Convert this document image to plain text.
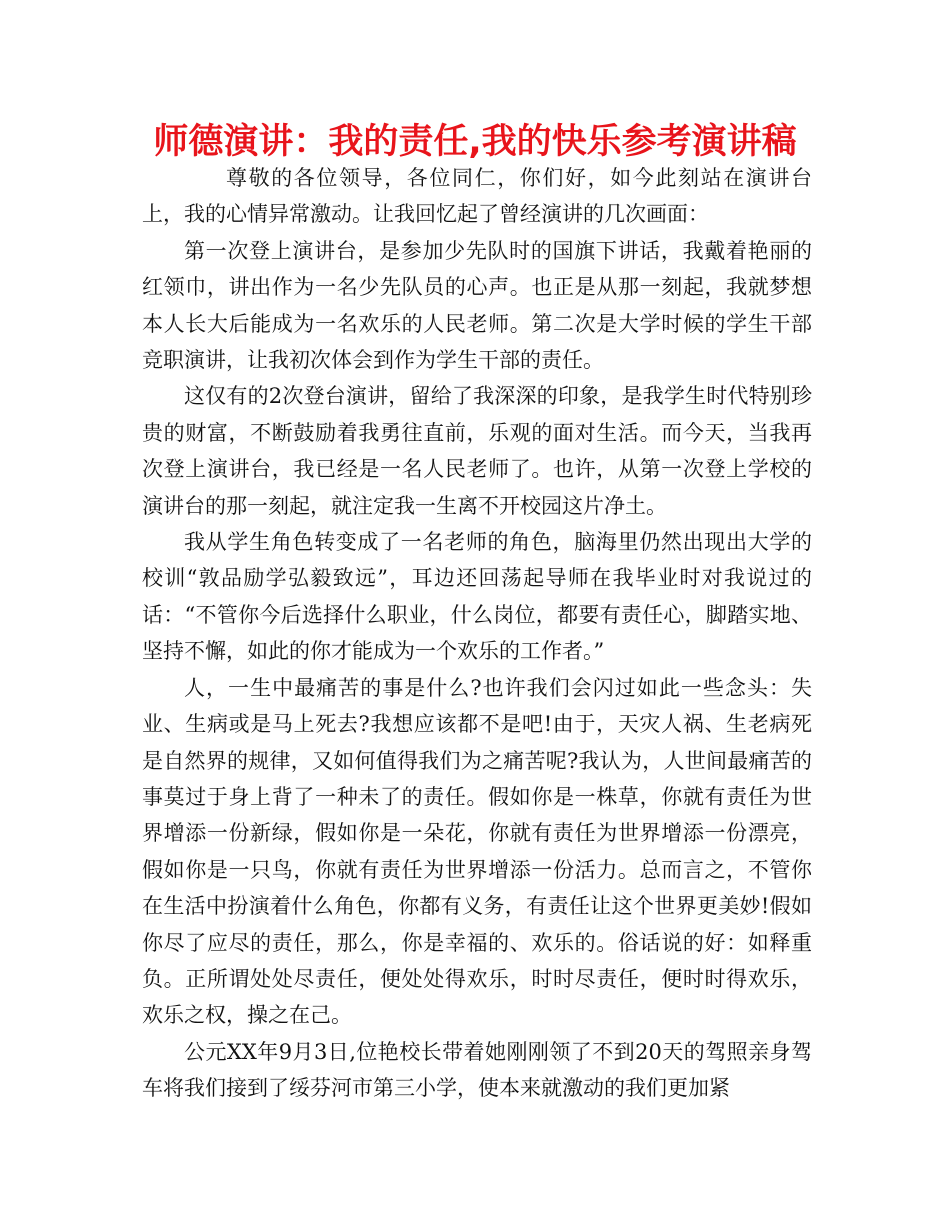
师德演讲：我的责任,我的快乐参考演讲稿

尊敬的各位领导，各位同仁，你们好，如今此刻站在演讲台上，我的心情异常激动。让我回忆起了曾经演讲的几次画面：

第一次登上演讲台，是参加少先队时的国旗下讲话，我戴着艳丽的红领巾，讲出作为一名少先队员的心声。也正是从那一刻起，我就梦想本人长大后能成为一名欢乐的人民老师。第二次是大学时候的学生干部竞职演讲，让我初次体会到作为学生干部的责任。

这仅有的2次登台演讲，留给了我深深的印象，是我学生时代特别珍贵的财富，不断鼓励着我勇往直前，乐观的面对生活。而今天，当我再次登上演讲台，我已经是一名人民老师了。也许，从第一次登上学校的演讲台的那一刻起，就注定我一生离不开校园这片净土。

我从学生角色转变成了一名老师的角色，脑海里仍然出现出大学的校训“敦品励学弘毅致远”，耳边还回荡起导师在我毕业时对我说过的话：“不管你今后选择什么职业，什么岗位，都要有责任心，脚踏实地、坚持不懈，如此的你才能成为一个欢乐的工作者。”

人，一生中最痛苦的事是什么?也许我们会闪过如此一些念头：失业、生病或是马上死去?我想应该都不是吧!由于，天灾人祸、生老病死是自然界的规律，又如何值得我们为之痛苦呢?我认为，人世间最痛苦的事莫过于身上背了一种未了的责任。假如你是一株草，你就有责任为世界增添一份新绿，假如你是一朵花，你就有责任为世界增添一份漂亮，假如你是一只鸟，你就有责任为世界增添一份活力。总而言之，不管你在生活中扮演着什么角色，你都有义务，有责任让这个世界更美妙!假如你尽了应尽的责任，那么，你是幸福的、欢乐的。俗话说的好：如释重负。正所谓处处尽责任，便处处得欢乐，时时尽责任，便时时得欢乐，欢乐之权，操之在己。

公元XX年9月3日,位艳校长带着她刚刚领了不到20天的驾照亲身驾车将我们接到了绥芬河市第三小学，使本来就激动的我们更加紧
